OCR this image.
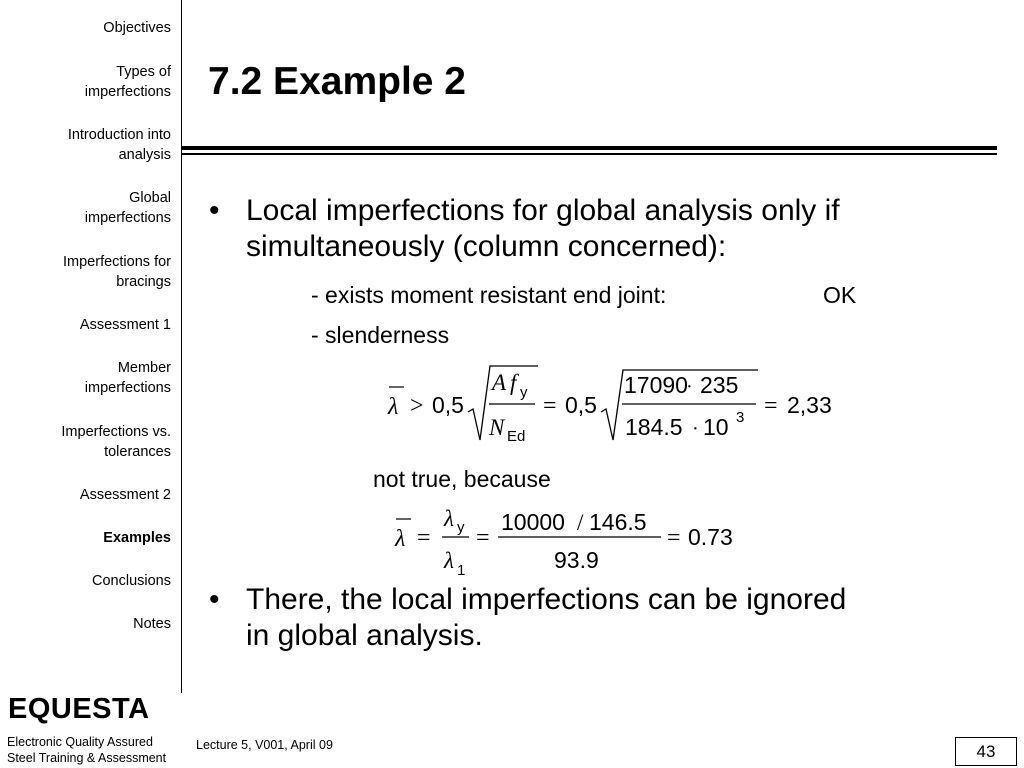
Objectives
Types of
imperfections
Introduction into
analysis
Global
imperfections
Imperfections for
bracings
Assessment 1
Member
imperfections
Imperfections vs.
tolerances
Assessment 2
Examples
Conclusions
Notes
EQUESTA
Electronic Quality Assured
Steel Training & Assessment
7.2 Example 2
• Local imperfections for global analysis only if
simultaneously (column concerned):
- exists moment resistant end joint:	OK
- slenderness
λ > 0,5
A f y
N Ed
= 0,5
17090
· 235
184.5 · 10 3 = 2,33
not true, because
λ =
λ y
λ 1
=
10000 / 146.5
93.9
= 0.73
• There, the local imperfections can be ignored
in global analysis.
Lecture 5, V001, April 09	43
